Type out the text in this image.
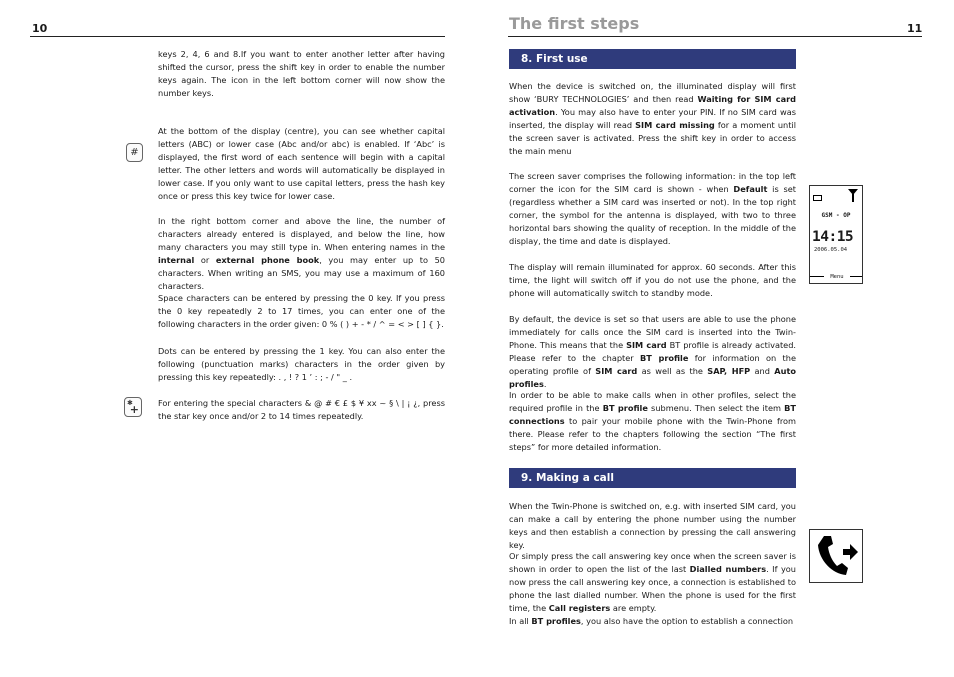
10
keys 2, 4, 6 and 8.If you want to enter another letter after having shifted the cursor, press the shift key in order to enable the number keys again. The icon in the left bottom corner will now show the number keys.
At the bottom of the display (centre), you can see whether capital letters (ABC) or lower case (Abc and/or abc) is enabled. If ‘Abc’ is displayed, the first word of each sentence will begin with a capital letter. The other letters and words will automatically be displayed in lower case. If you only want to use capital letters, press the hash key once or press this key twice for lower case.
In the right bottom corner and above the line, the number of characters already entered is displayed, and below the line, how many characters you may still type in. When entering names in the internal or external phone book, you may enter up to 50 characters. When writing an SMS, you may use a maximum of 160 characters.
Space characters can be entered by pressing the 0 key. If you press the 0 key repeatedly 2 to 17 times, you can enter one of the following characters in the order given: 0 % ( ) + - * / ^ = < > [ ] { }.
Dots can be entered by pressing the 1 key. You can also enter the following (punctuation marks) characters in the order given by pressing this key repeatedly: . , ! ? 1 ’ : ; - / " _ .
For entering the special characters & @ # € £ $ ¥ xx ~ § \ | ¡ ¿, press the star key once and/or 2 to 14 times repeatedly.
#
✱
+
The first steps	11
8. First use
When the device is switched on, the illuminated display will first show ‘BURY TECHNOLOGIES’ and then read Waiting for SIM card activation. You may also have to enter your PIN. If no SIM card was inserted, the display will read SIM card missing for a moment until the screen saver is activated. Press the shift key in order to access the main menu
The screen saver comprises the following information: in the top left corner the icon for the SIM card is shown - when Default is set (regardless whether a SIM card was inserted or not). In the top right corner, the symbol for the antenna is displayed, with two to three horizontal bars showing the quality of reception. In the middle of the display, the time and date is displayed.
The display will remain illuminated for approx. 60 seconds. After this time, the light will switch off if you do not use the phone, and the phone will automatically switch to standby mode.
By default, the device is set so that users are able to use the phone immediately for calls once the SIM card is inserted into the Twin-Phone. This means that the SIM card BT profile is already activated. Please refer to the chapter BT profile for information on the operating profile of SIM card as well as the SAP, HFP and Auto profiles.
In order to be able to make calls when in other profiles, select the required profile in the BT profile submenu. Then select the item BT connections to pair your mobile phone with the Twin-Phone from there. Please refer to the chapters following the section “The first steps” for more detailed information.
9. Making a call
When the Twin-Phone is switched on, e.g. with inserted SIM card, you can make a call by entering the phone number using the number keys and then establish a connection by pressing the call answering key.
Or simply press the call answering key once when the screen saver is shown in order to open the list of the last Dialled numbers. If you now press the call answering key once, a connection is established to phone the last dialled number. When the phone is used for the first time, the Call registers are empty.
In all BT profiles, you also have the option to establish a connection
GSM - OP
14:15
2006.05.04
Menu
